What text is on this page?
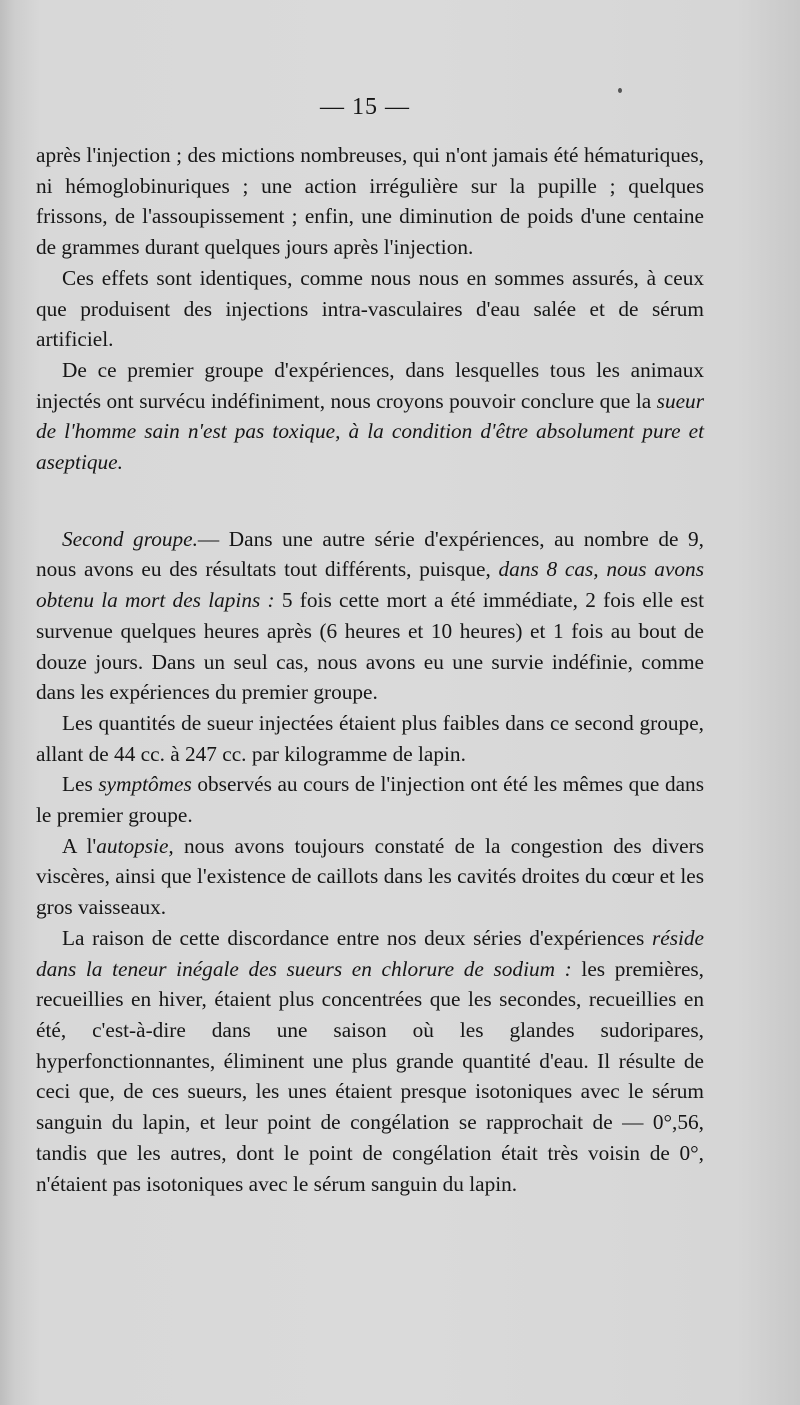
— 15 —

après l'injection ; des mictions nombreuses, qui n'ont jamais été hématuriques, ni hémoglobinuriques ; une action irrégulière sur la pupille ; quelques frissons, de l'assoupissement ; enfin, une diminution de poids d'une centaine de grammes durant quelques jours après l'injection.

Ces effets sont identiques, comme nous nous en sommes assurés, à ceux que produisent des injections intra-vasculaires d'eau salée et de sérum artificiel.

De ce premier groupe d'expériences, dans lesquelles tous les animaux injectés ont survécu indéfiniment, nous croyons pouvoir conclure que la sueur de l'homme sain n'est pas toxique, à la condition d'être absolument pure et aseptique.

Second groupe.— Dans une autre série d'expériences, au nombre de 9, nous avons eu des résultats tout différents, puisque, dans 8 cas, nous avons obtenu la mort des lapins : 5 fois cette mort a été immédiate, 2 fois elle est survenue quelques heures après (6 heures et 10 heures) et 1 fois au bout de douze jours. Dans un seul cas, nous avons eu une survie indéfinie, comme dans les expériences du premier groupe.

Les quantités de sueur injectées étaient plus faibles dans ce second groupe, allant de 44 cc. à 247 cc. par kilogramme de lapin.

Les symptômes observés au cours de l'injection ont été les mêmes que dans le premier groupe.

A l'autopsie, nous avons toujours constaté de la congestion des divers viscères, ainsi que l'existence de caillots dans les cavités droites du cœur et les gros vaisseaux.

La raison de cette discordance entre nos deux séries d'expériences réside dans la teneur inégale des sueurs en chlorure de sodium : les premières, recueillies en hiver, étaient plus concentrées que les secondes, recueillies en été, c'est-à-dire dans une saison où les glandes sudoripares, hyperfonctionnantes, éliminent une plus grande quantité d'eau. Il résulte de ceci que, de ces sueurs, les unes étaient presque isotoniques avec le sérum sanguin du lapin, et leur point de congélation se rapprochait de — 0°,56, tandis que les autres, dont le point de congélation était très voisin de 0°, n'étaient pas isotoniques avec le sérum sanguin du lapin.
